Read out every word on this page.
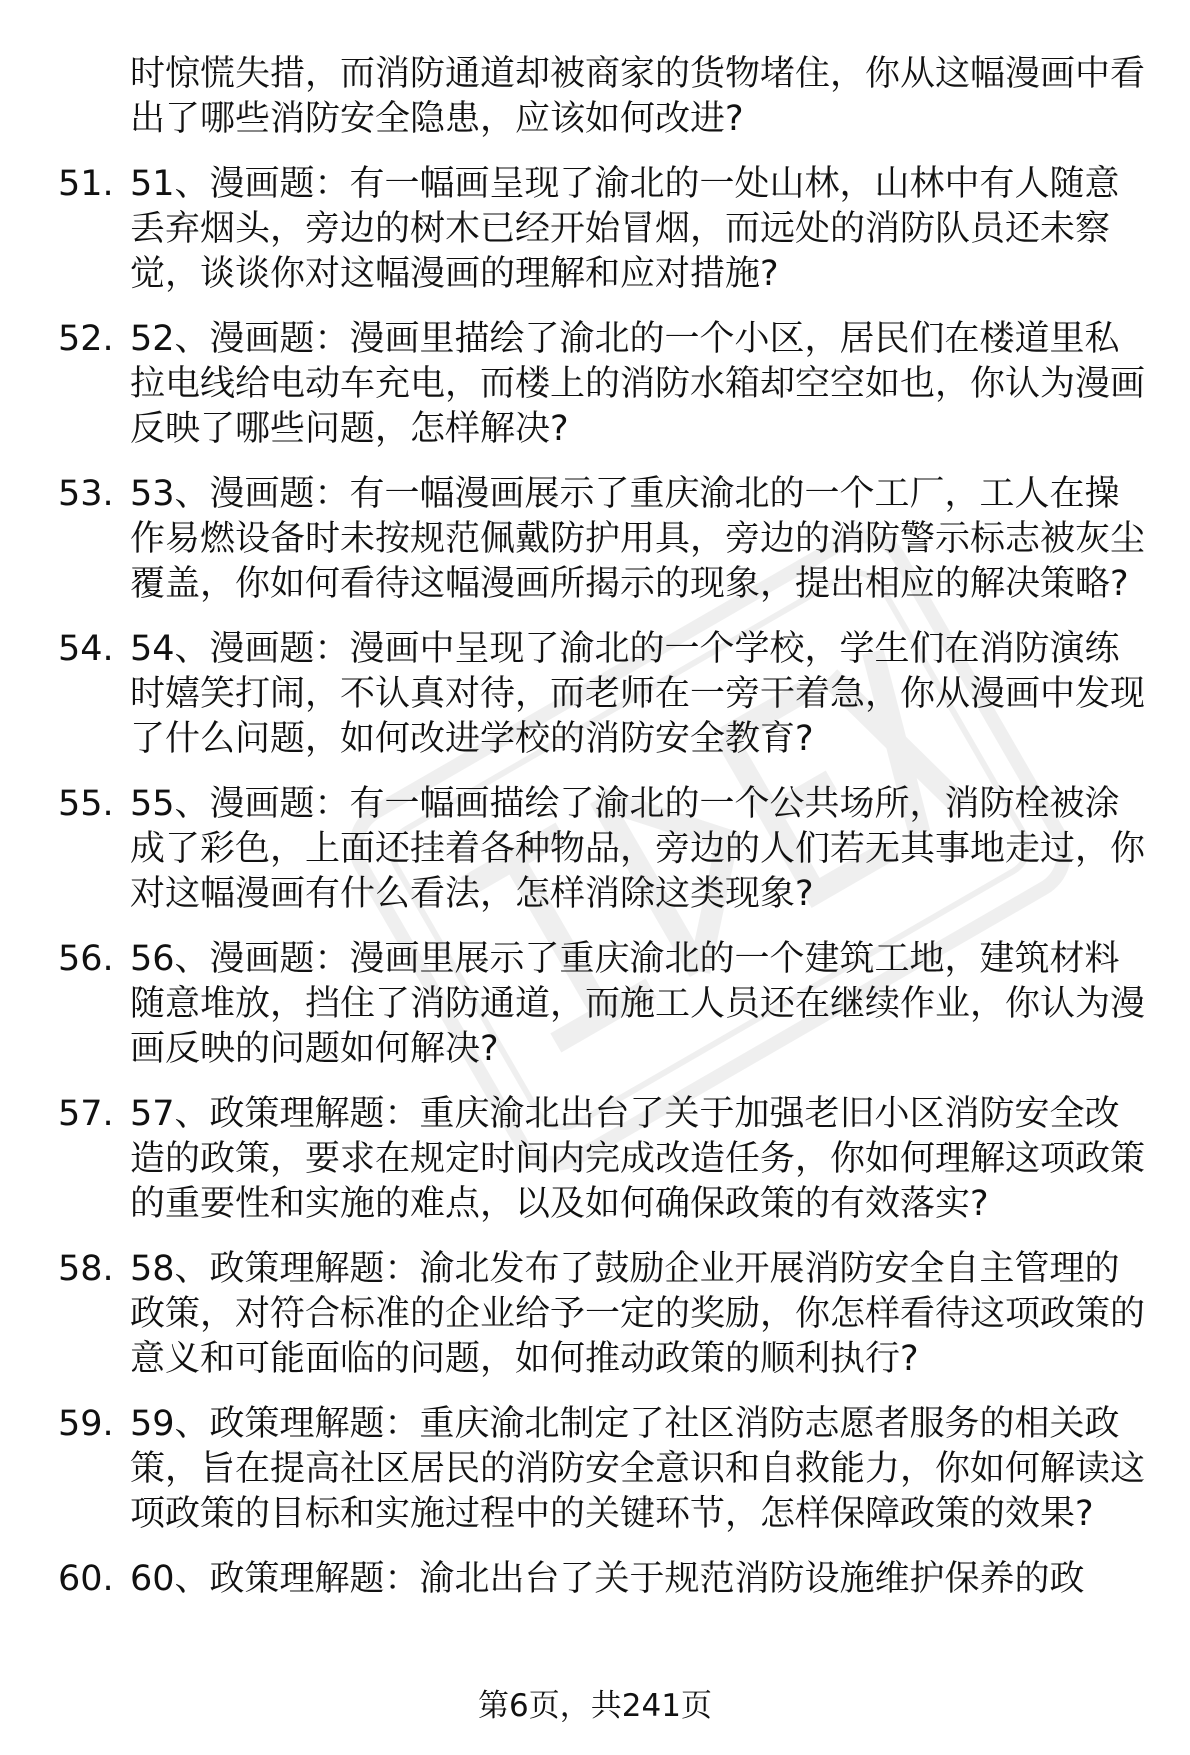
时惊慌失措，而消防通道却被商家的货物堵住，你从这幅漫画中看出了哪些消防安全隐患，应该如何改进?
51. 51、漫画题：有一幅画呈现了渝北的一处山林，山林中有人随意丢弃烟头，旁边的树木已经开始冒烟，而远处的消防队员还未察觉，谈谈你对这幅漫画的理解和应对措施?
52. 52、漫画题：漫画里描绘了渝北的一个小区，居民们在楼道里私拉电线给电动车充电，而楼上的消防水箱却空空如也，你认为漫画反映了哪些问题，怎样解决?
53. 53、漫画题：有一幅漫画展示了重庆渝北的一个工厂，工人在操作易燃设备时未按规范佩戴防护用具，旁边的消防警示标志被灰尘覆盖，你如何看待这幅漫画所揭示的现象，提出相应的解决策略?
54. 54、漫画题：漫画中呈现了渝北的一个学校，学生们在消防演练时嬉笑打闹，不认真对待，而老师在一旁干着急，你从漫画中发现了什么问题，如何改进学校的消防安全教育?
55. 55、漫画题：有一幅画描绘了渝北的一个公共场所，消防栓被涂成了彩色，上面还挂着各种物品，旁边的人们若无其事地走过，你对这幅漫画有什么看法，怎样消除这类现象?
56. 56、漫画题：漫画里展示了重庆渝北的一个建筑工地，建筑材料随意堆放，挡住了消防通道，而施工人员还在继续作业，你认为漫画反映的问题如何解决?
57. 57、政策理解题：重庆渝北出台了关于加强老旧小区消防安全改造的政策，要求在规定时间内完成改造任务，你如何理解这项政策的重要性和实施的难点，以及如何确保政策的有效落实?
58. 58、政策理解题：渝北发布了鼓励企业开展消防安全自主管理的政策，对符合标准的企业给予一定的奖励，你怎样看待这项政策的意义和可能面临的问题，如何推动政策的顺利执行?
59. 59、政策理解题：重庆渝北制定了社区消防志愿者服务的相关政策，旨在提高社区居民的消防安全意识和自救能力，你如何解读这项政策的目标和实施过程中的关键环节，怎样保障政策的效果?
60. 60、政策理解题：渝北出台了关于规范消防设施维护保养的政
第6页，共241页
